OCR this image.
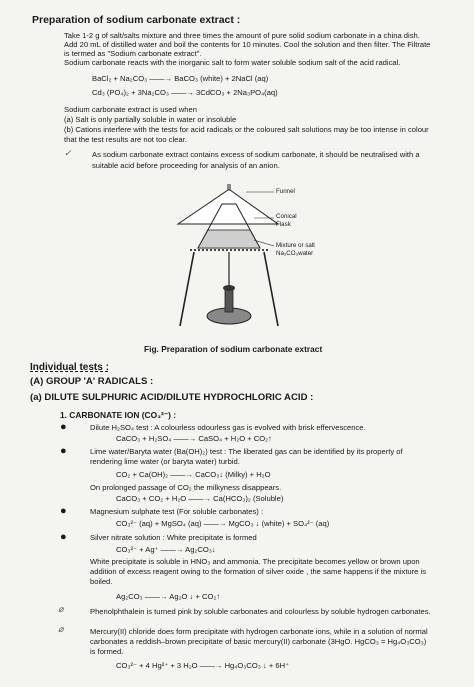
Preparation of sodium carbonate extract :
Take 1-2 g of salt/salts mixture and three times the amount of pure solid sodium carbonate in a china dish.
Add 20 mL of distilled water and boil the contents for 10 minutes. Cool the solution and then filter. The Filtrate
is termed as "Sodium carbonate extract".
Sodium carbonate reacts with the inorganic salt to form water soluble sodium salt of the acid radical.
BaCl₂ + Na₂CO₃ ——→ BaCO₃ (white) + 2NaCl (aq)
Cd₃ (PO₄)₂ + 3Na₂CO₃ ——→ 3CdCO₃ + 2Na₃PO₄(aq)
Sodium carbonate extract is used when
(a) Salt is only partially soluble in water or insoluble
(b) Cations interfere with the tests for acid radicals or the coloured salt solutions may be too intense in colour
that the test results are not too clear.
✓	As sodium carbonate extract contains excess of sodium carbonate, it should be neutralised with a
suitable acid before proceeding for analysis of an anion.
Funnel
Conical
Flask
Mixture or salt
Na₂CO₃water
Fig. Preparation of sodium carbonate extract
Individual tests :
(A) GROUP 'A' RADICALS :
(a) DILUTE SULPHURIC ACID/DILUTE HYDROCHLORIC ACID :
1. CARBONATE ION (CO₃²⁻) :
●	Dilute H₂SO₄ test : A colourless odourless gas is evolved with brisk effervescence.
CaCO₃ + H₂SO₄ ——→ CaSO₄ + H₂O + CO₂↑
●	Lime water/Baryta water (Ba(OH)₂) test : The liberated gas can be identified by its property of
rendering lime water (or baryta water) turbid.
CO₂ + Ca(OH)₂ ——→ CaCO₃↓ (Milky) + H₂O
On prolonged passage of CO₂ the milkyness disappears.
CaCO₃ + CO₂ + H₂O ——→ Ca(HCO₃)₂ (Soluble)
●	Magnesium sulphate test (For soluble carbonates) :
CO₃²⁻ (aq) + MgSO₄ (aq) ——→ MgCO₃ ↓ (white) + SO₄²⁻ (aq)
●	Silver nitrate solution : White precipitate is formed
CO₃²⁻ + Ag⁺ ——→ Ag₂CO₃↓
White precipitate is soluble in HNO₃ and ammonia. The precipitate becomes yellow or brown upon
addition of excess reagent owing to the formation of silver oxide , the same happens if the mixture is
boiled.
Ag₂CO₃ ——→ Ag₂O ↓ + CO₂↑
⌀	Phenolphthalein is turned pink by soluble carbonates and colourless by soluble hydrogen carbonates.
⌀	Mercury(II) chloride does form precipitate with hydrogen carbonate ions, while in a solution of normal
carbonates a reddish–brown precipitate of basic mercury(II) carbonate (3HgO. HgCO₃ = Hg₄O₃CO₃)
is formed.
CO₃²⁻ + 4 Hg²⁺ + 3 H₂O ——→ Hg₄O₃CO₃ ↓ + 6H⁺
